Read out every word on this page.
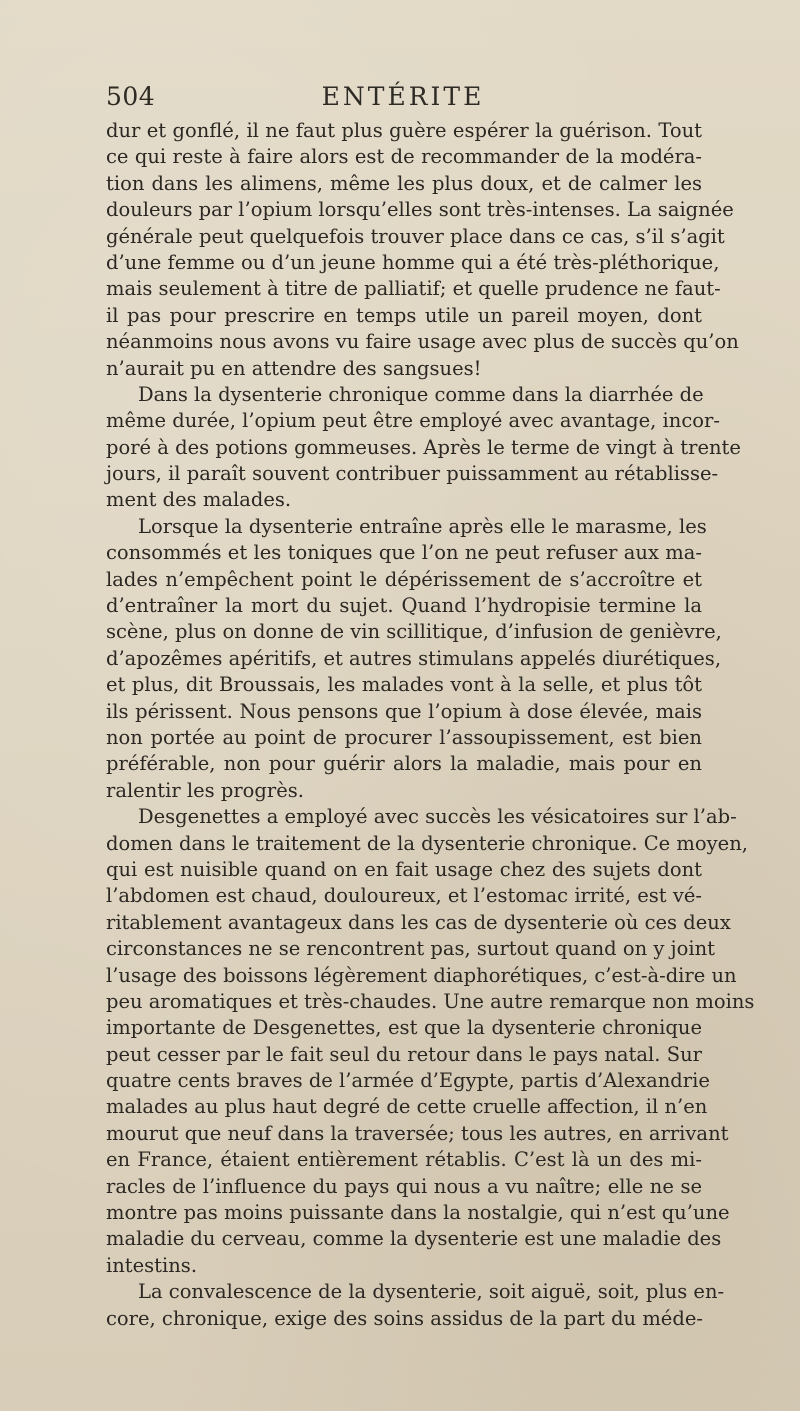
504	ENTÉRITE
dur et gonflé, il ne faut plus guère espérer la guérison. Tout
ce qui reste à faire alors est de recommander de la modéra-
tion dans les alimens, même les plus doux, et de calmer les
douleurs par l’opium lorsqu’elles sont très-intenses. La saignée
générale peut quelquefois trouver place dans ce cas, s’il s’agit
d’une femme ou d’un jeune homme qui a été très-pléthorique,
mais seulement à titre de palliatif; et quelle prudence ne faut-
il pas pour prescrire en temps utile un pareil moyen, dont
néanmoins nous avons vu faire usage avec plus de succès qu’on
n’aurait pu en attendre des sangsues!
Dans la dysenterie chronique comme dans la diarrhée de
même durée, l’opium peut être employé avec avantage, incor-
poré à des potions gommeuses. Après le terme de vingt à trente
jours, il paraît souvent contribuer puissamment au rétablisse-
ment des malades.
Lorsque la dysenterie entraîne après elle le marasme, les
consommés et les toniques que l’on ne peut refuser aux ma-
lades n’empêchent point le dépérissement de s’accroître et
d’entraîner la mort du sujet. Quand l’hydropisie termine la
scène, plus on donne de vin scillitique, d’infusion de genièvre,
d’apozêmes apéritifs, et autres stimulans appelés diurétiques,
et plus, dit Broussais, les malades vont à la selle, et plus tôt
ils périssent. Nous pensons que l’opium à dose élevée, mais
non portée au point de procurer l’assoupissement, est bien
préférable, non pour guérir alors la maladie, mais pour en
ralentir les progrès.
Desgenettes a employé avec succès les vésicatoires sur l’ab-
domen dans le traitement de la dysenterie chronique. Ce moyen,
qui est nuisible quand on en fait usage chez des sujets dont
l’abdomen est chaud, douloureux, et l’estomac irrité, est vé-
ritablement avantageux dans les cas de dysenterie où ces deux
circonstances ne se rencontrent pas, surtout quand on y joint
l’usage des boissons légèrement diaphorétiques, c’est-à-dire un
peu aromatiques et très-chaudes. Une autre remarque non moins
importante de Desgenettes, est que la dysenterie chronique
peut cesser par le fait seul du retour dans le pays natal. Sur
quatre cents braves de l’armée d’Egypte, partis d’Alexandrie
malades au plus haut degré de cette cruelle affection, il n’en
mourut que neuf dans la traversée; tous les autres, en arrivant
en France, étaient entièrement rétablis. C’est là un des mi-
racles de l’influence du pays qui nous a vu naître; elle ne se
montre pas moins puissante dans la nostalgie, qui n’est qu’une
maladie du cerveau, comme la dysenterie est une maladie des
intestins.
La convalescence de la dysenterie, soit aiguë, soit, plus en-
core, chronique, exige des soins assidus de la part du méde-
